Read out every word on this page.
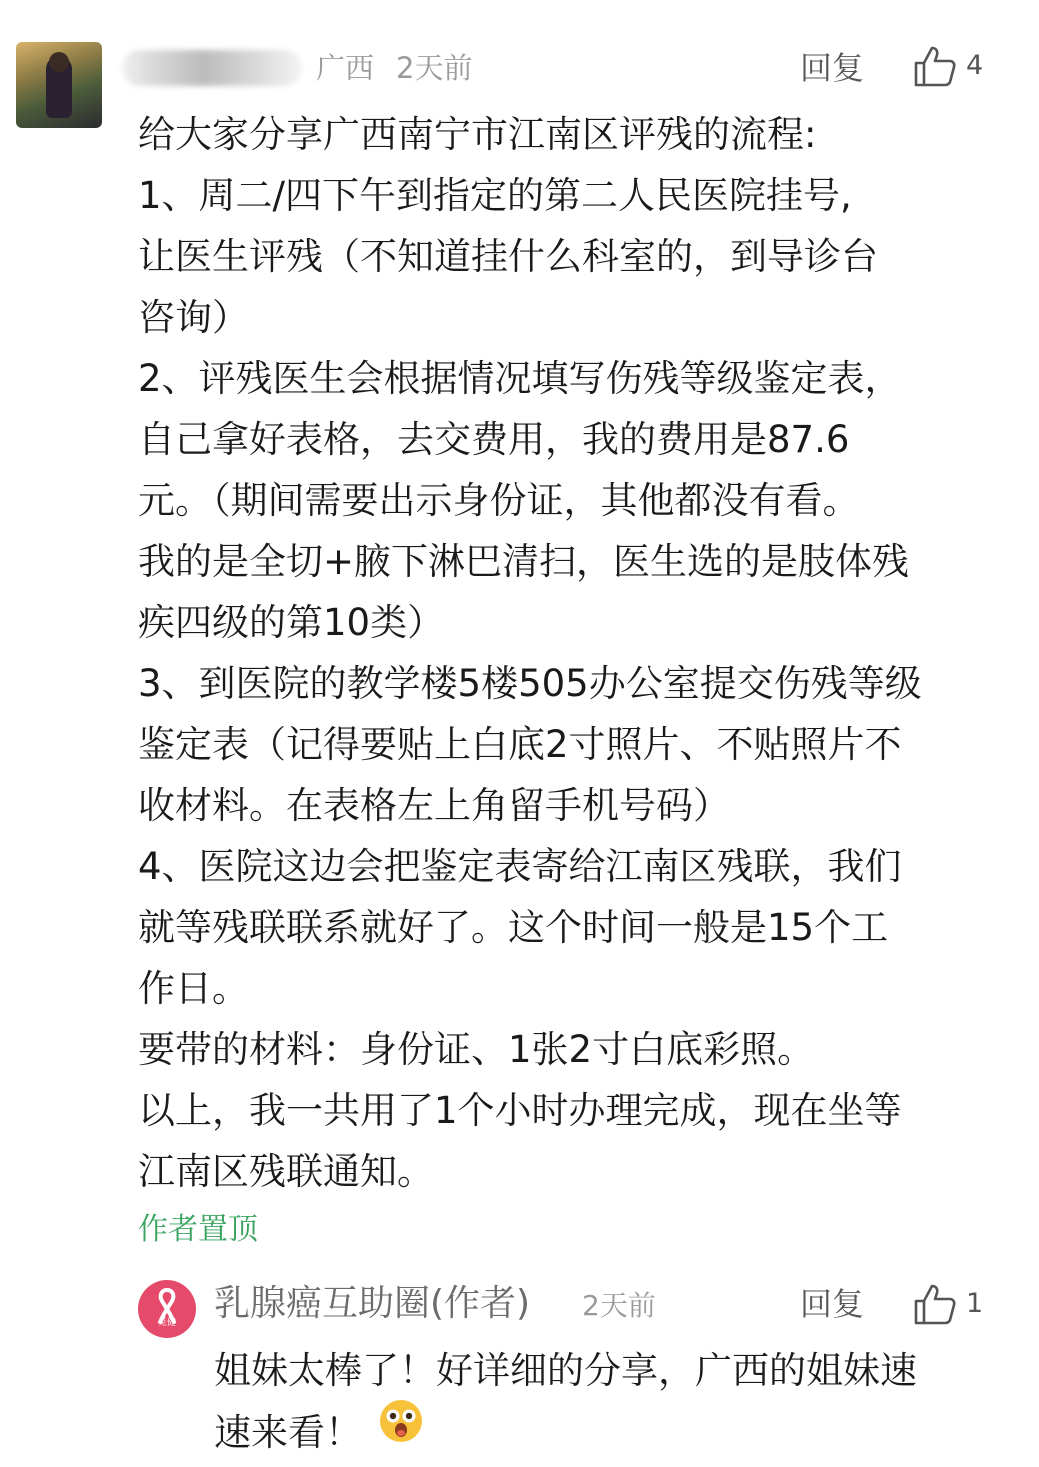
广西 2天前	回复	4
给大家分享广西南宁市江南区评残的流程:
1、周二/四下午到指定的第二人民医院挂号,
让医生评残（不知道挂什么科室的，到导诊台
咨询）
2、评残医生会根据情况填写伤残等级鉴定表，
自己拿好表格，去交费用，我的费用是87.6
元。（期间需要出示身份证，其他都没有看。
我的是全切+腋下淋巴清扫，医生选的是肢体残
疾四级的第10类）
3、到医院的教学楼5楼505办公室提交伤残等级
鉴定表（记得要贴上白底2寸照片、不贴照片不
收材料。在表格左上角留手机号码）
4、医院这边会把鉴定表寄给江南区残联，我们
就等残联联系就好了。这个时间一般是15个工
作日。
要带的材料：身份证、1张2寸白底彩照。
以上，我一共用了1个小时办理完成，现在坐等
江南区残联通知。
作者置顶
觅健	乳腺癌互助圈(作者) 2天前	回复	1
姐妹太棒了！好详细的分享，广西的姐妹速
速来看！
